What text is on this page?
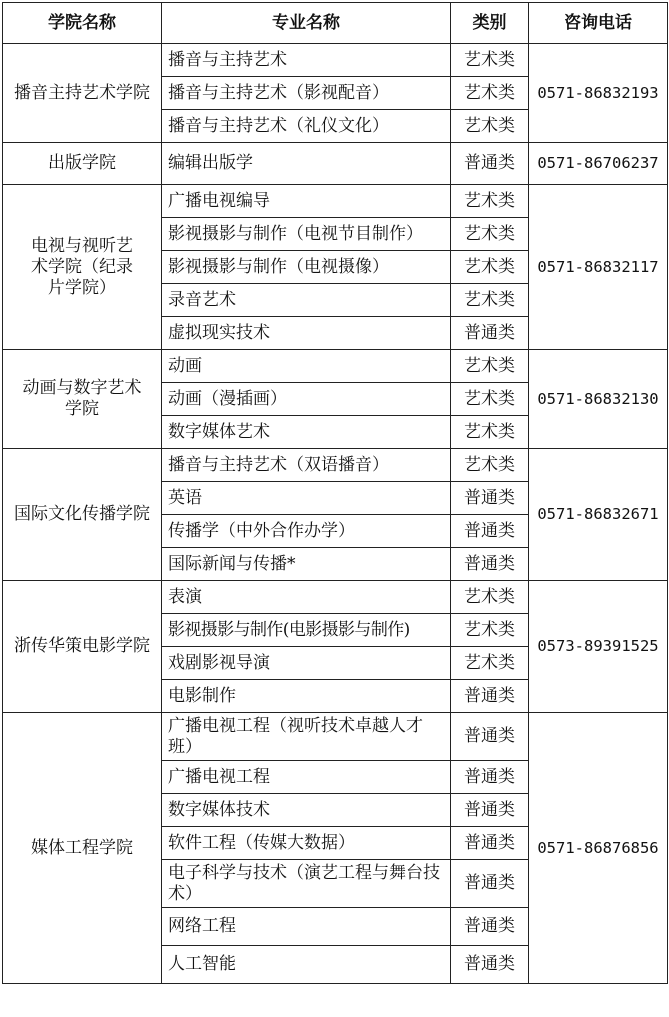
学院名称	专业名称	类别	咨询电话
播音主持艺术学院	播音与主持艺术	艺术类	0571-86832193
	播音与主持艺术（影视配音）	艺术类	
	播音与主持艺术（礼仪文化）	艺术类	
出版学院	编辑出版学	普通类	0571-86706237
电视与视听艺术学院（纪录片学院）	广播电视编导	艺术类	0571-86832117
	影视摄影与制作（电视节目制作）	艺术类	
	影视摄影与制作（电视摄像）	艺术类	
	录音艺术	艺术类	
	虚拟现实技术	普通类	
动画与数字艺术学院	动画	艺术类	0571-86832130
	动画（漫插画）	艺术类	
	数字媒体艺术	艺术类	
国际文化传播学院	播音与主持艺术（双语播音）	艺术类	0571-86832671
	英语	普通类	
	传播学（中外合作办学）	普通类	
	国际新闻与传播*	普通类	
浙传华策电影学院	表演	艺术类	0573-89391525
	影视摄影与制作(电影摄影与制作)	艺术类	
	戏剧影视导演	艺术类	
	电影制作	普通类	
媒体工程学院	广播电视工程（视听技术卓越人才班）	普通类	0571-86876856
	广播电视工程	普通类	
	数字媒体技术	普通类	
	软件工程（传媒大数据）	普通类	
	电子科学与技术（演艺工程与舞台技术）	普通类	
	网络工程	普通类	
	人工智能	普通类	
